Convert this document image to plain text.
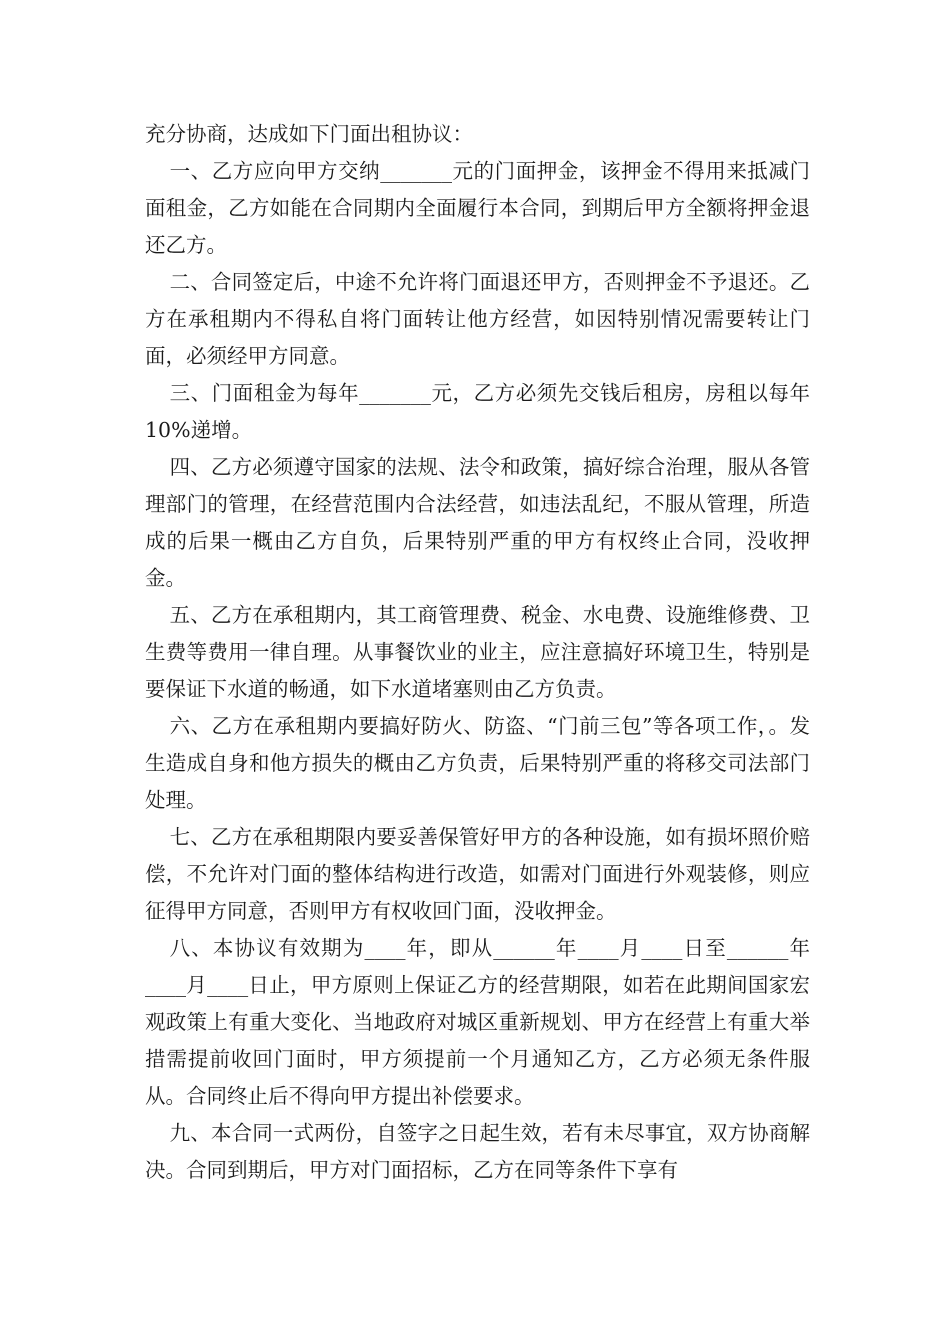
充分协商，达成如下门面出租协议：

一、乙方应向甲方交纳_______元的门面押金，该押金不得用来抵减门面租金，乙方如能在合同期内全面履行本合同，到期后甲方全额将押金退还乙方。

二、合同签定后，中途不允许将门面退还甲方，否则押金不予退还。乙方在承租期内不得私自将门面转让他方经营，如因特别情况需要转让门面，必须经甲方同意。

三、门面租金为每年_______元，乙方必须先交钱后租房，房租以每年 10%递增。

四、乙方必须遵守国家的法规、法令和政策，搞好综合治理，服从各管理部门的管理，在经营范围内合法经营，如违法乱纪，不服从管理，所造成的后果一概由乙方自负，后果特别严重的甲方有权终止合同，没收押金。

五、乙方在承租期内，其工商管理费、税金、水电费、设施维修费、卫生费等费用一律自理。从事餐饮业的业主，应注意搞好环境卫生，特别是要保证下水道的畅通，如下水道堵塞则由乙方负责。

六、乙方在承租期内要搞好防火、防盗、“门前三包”等各项工作，。发生造成自身和他方损失的概由乙方负责，后果特别严重的将移交司法部门处理。

七、乙方在承租期限内要妥善保管好甲方的各种设施，如有损坏照价赔偿，不允许对门面的整体结构进行改造，如需对门面进行外观装修，则应征得甲方同意，否则甲方有权收回门面，没收押金。

八、本协议有效期为____年，即从______年____月____日至______年____月____日止，甲方原则上保证乙方的经营期限，如若在此期间国家宏观政策上有重大变化、当地政府对城区重新规划、甲方在经营上有重大举措需提前收回门面时，甲方须提前一个月通知乙方，乙方必须无条件服从。合同终止后不得向甲方提出补偿要求。

九、本合同一式两份，自签字之日起生效，若有未尽事宜，双方协商解决。合同到期后，甲方对门面招标，乙方在同等条件下享有
